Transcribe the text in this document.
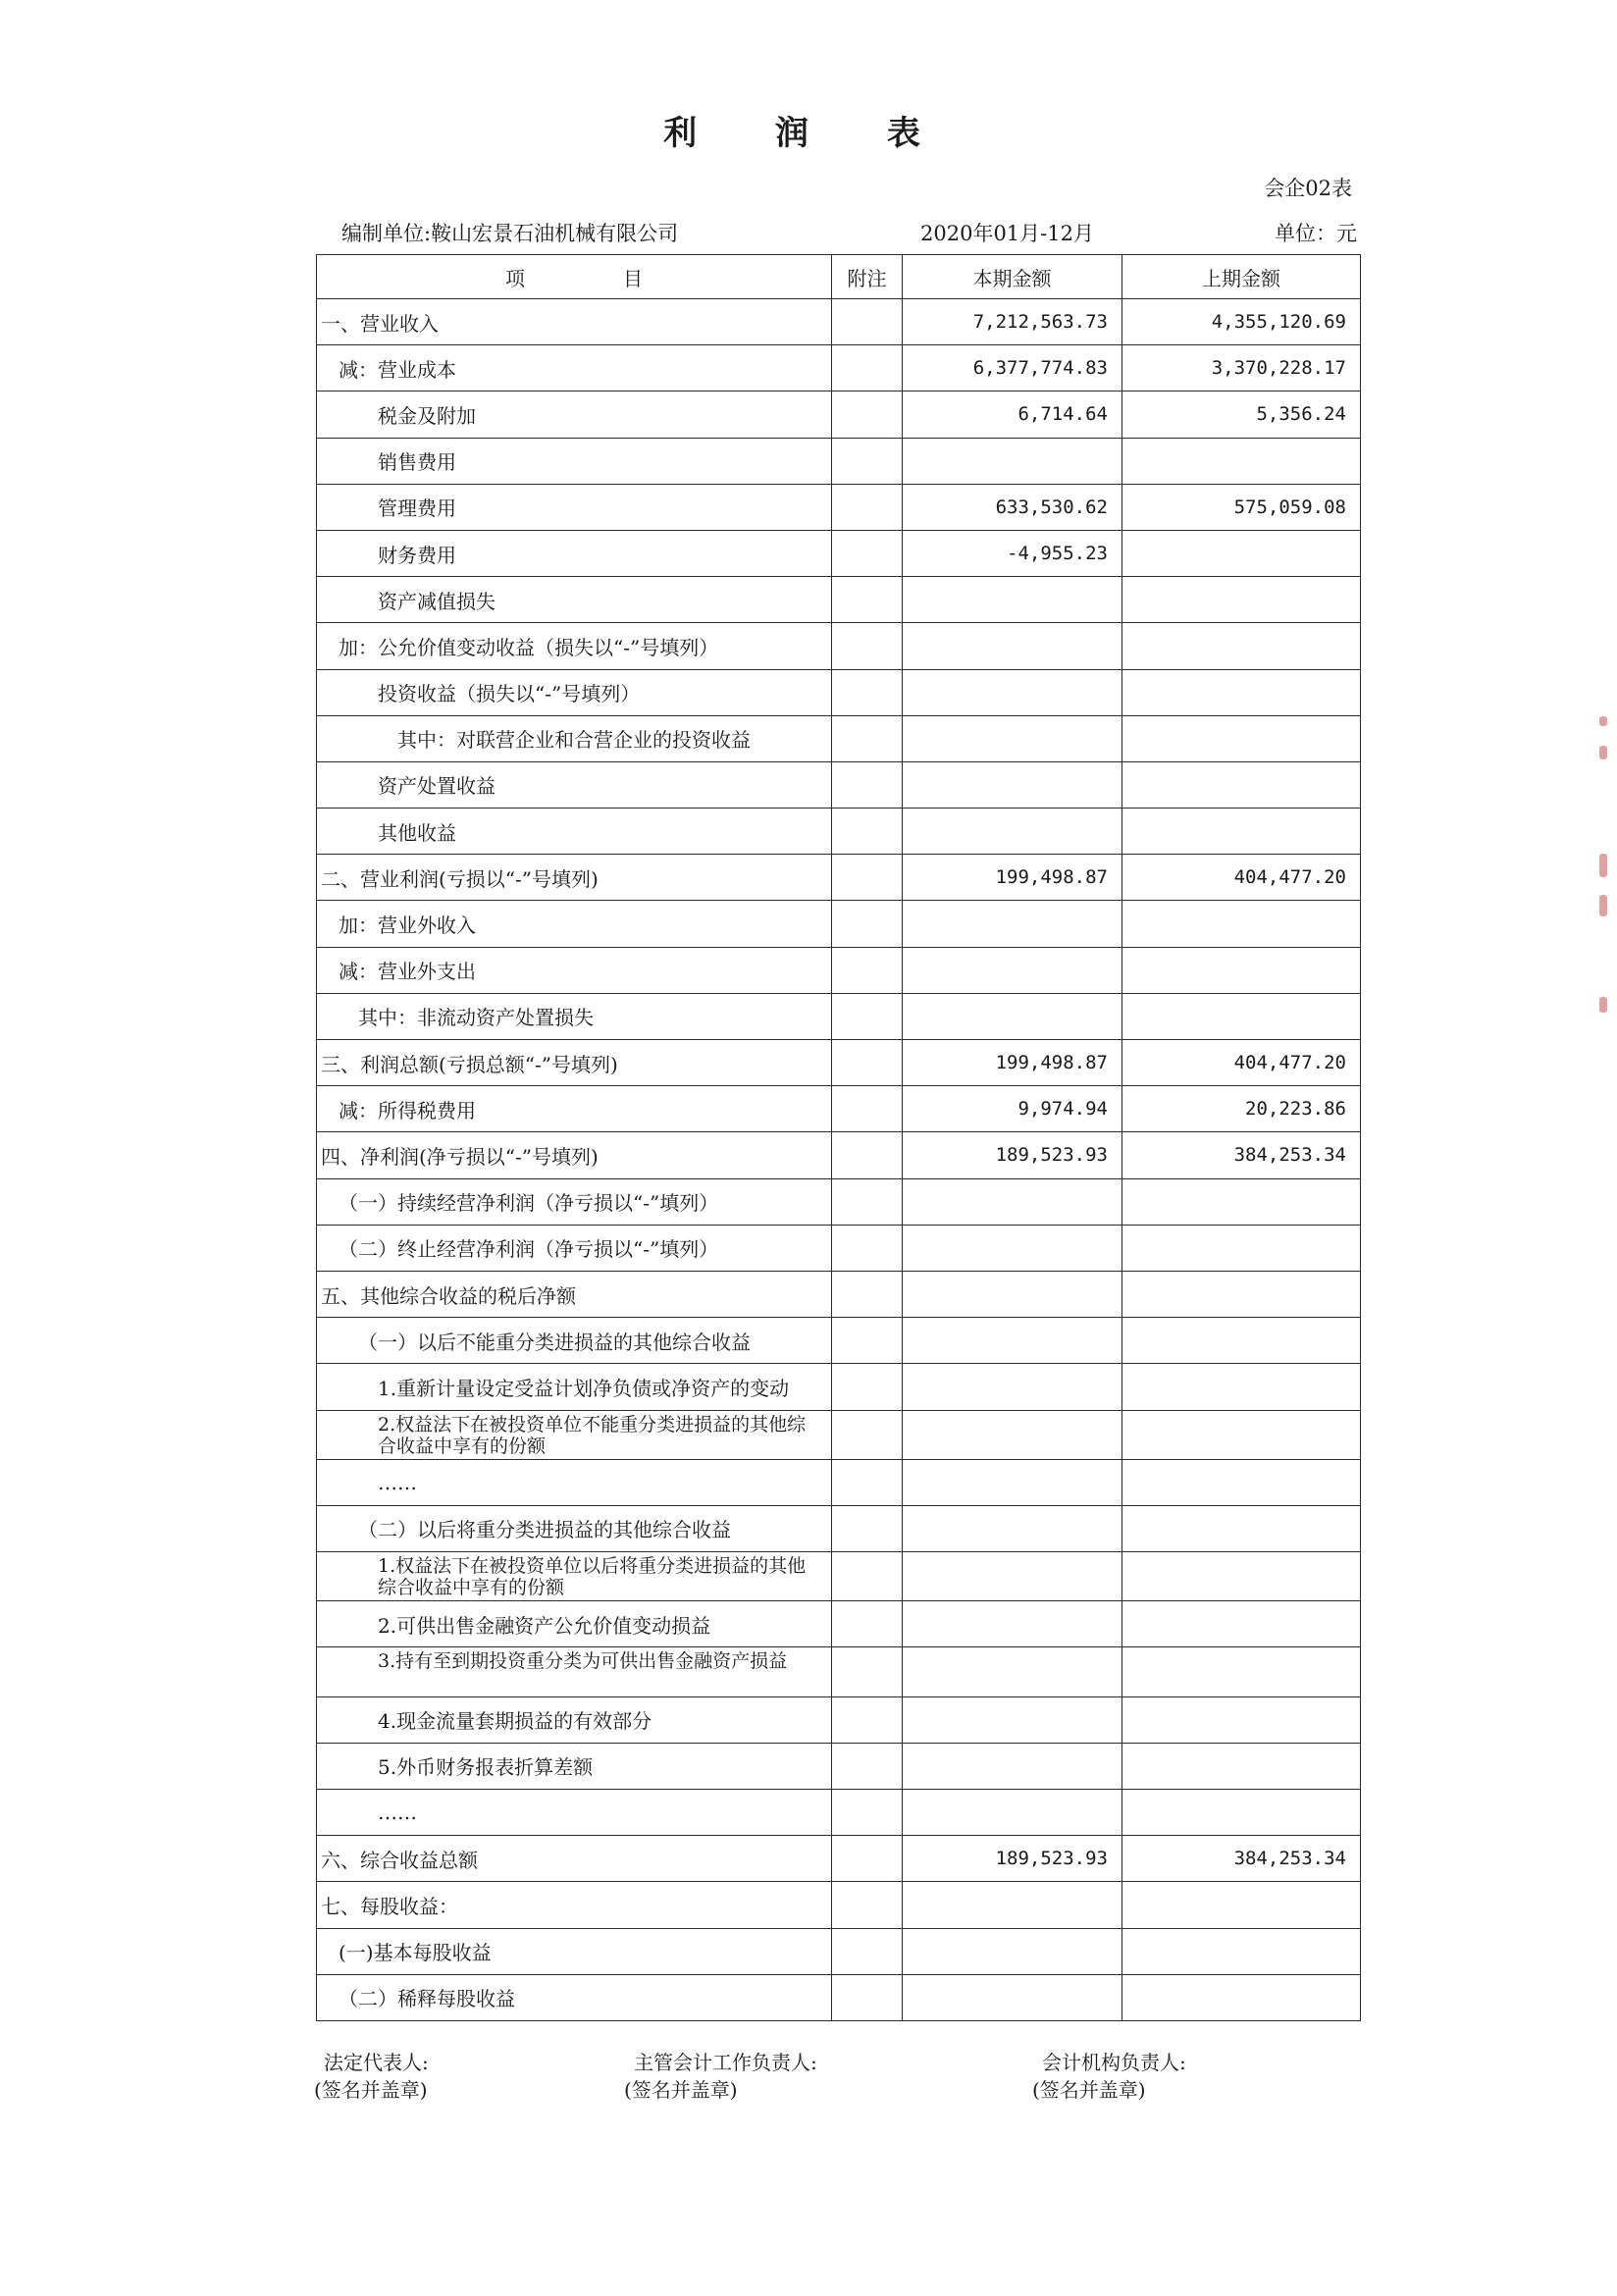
利 润 表
会企02表
编制单位:鞍山宏景石油机械有限公司	2020年01月-12月	单位：元
项　　　　　目	附注	本期金额	上期金额
一、营业收入		7,212,563.73	4,355,120.69
减：营业成本		6,377,774.83	3,370,228.17
税金及附加		6,714.64	5,356.24
销售费用			
管理费用		633,530.62	575,059.08
财务费用		-4,955.23	
资产减值损失			
加：公允价值变动收益（损失以“-”号填列）			
投资收益（损失以“-”号填列）			
其中：对联营企业和合营企业的投资收益			
资产处置收益			
其他收益			
二、营业利润(亏损以“-”号填列)		199,498.87	404,477.20
加：营业外收入			
减：营业外支出			
其中：非流动资产处置损失			
三、利润总额(亏损总额“-”号填列)		199,498.87	404,477.20
减：所得税费用		9,974.94	20,223.86
四、净利润(净亏损以“-”号填列)		189,523.93	384,253.34
（一）持续经营净利润（净亏损以“-”填列）			
（二）终止经营净利润（净亏损以“-”填列）			
五、其他综合收益的税后净额			
（一）以后不能重分类进损益的其他综合收益			
1.重新计量设定受益计划净负债或净资产的变动			
2.权益法下在被投资单位不能重分类进损益的其他综合收益中享有的份额			
……			
（二）以后将重分类进损益的其他综合收益			
1.权益法下在被投资单位以后将重分类进损益的其他综合收益中享有的份额			
2.可供出售金融资产公允价值变动损益			
3.持有至到期投资重分类为可供出售金融资产损益			
4.现金流量套期损益的有效部分			
5.外币财务报表折算差额			
……			
六、综合收益总额		189,523.93	384,253.34
七、每股收益：			
(一)基本每股收益			
（二）稀释每股收益			
法定代表人:
(签名并盖章)
主管会计工作负责人:
(签名并盖章)
会计机构负责人:
(签名并盖章)
